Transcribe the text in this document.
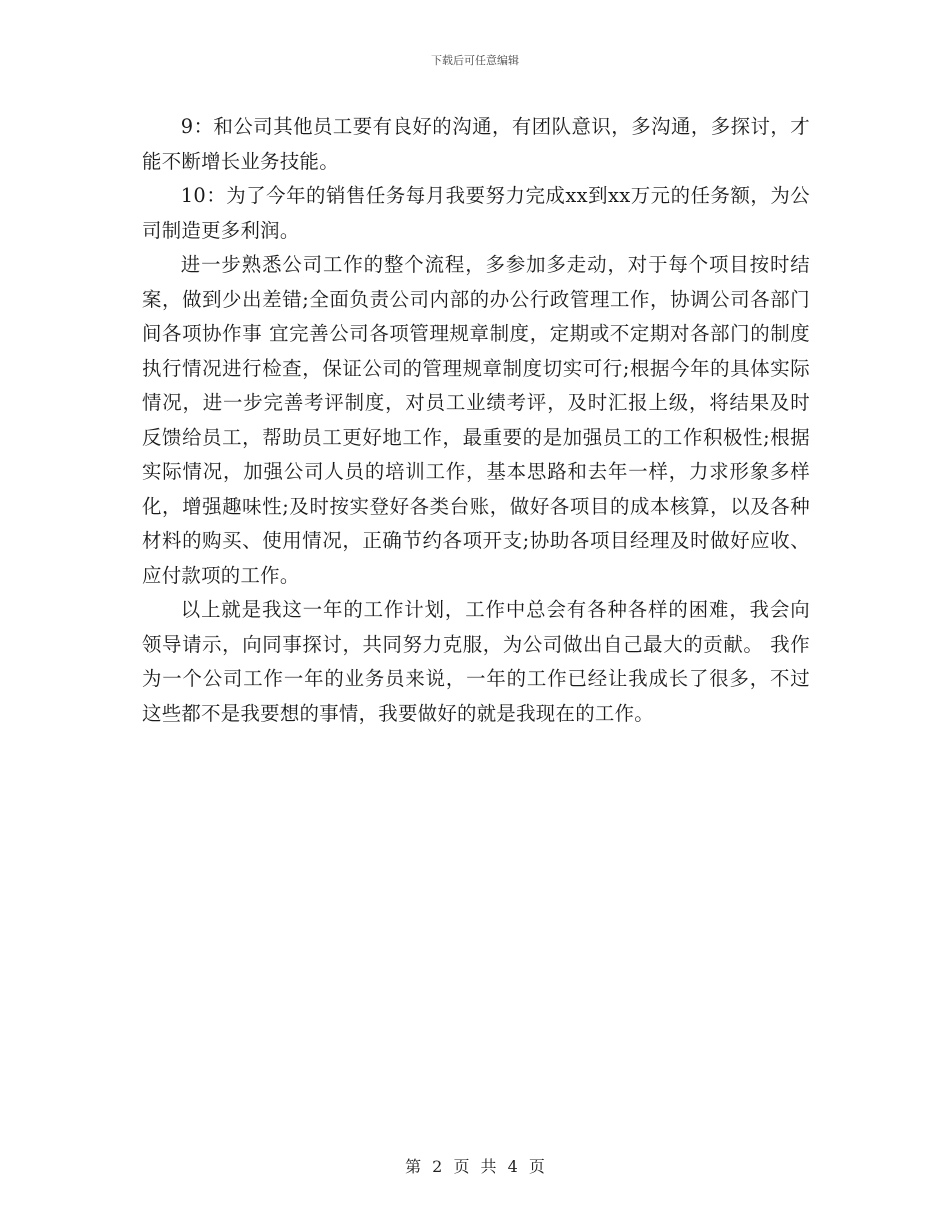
下载后可任意编辑

9：和公司其他员工要有良好的沟通，有团队意识，多沟通，多探讨，才能不断增长业务技能。

10：为了今年的销售任务每月我要努力完成xx到xx万元的任务额，为公司制造更多利润。

进一步熟悉公司工作的整个流程，多参加多走动，对于每个项目按时结案，做到少出差错;全面负责公司内部的办公行政管理工作，协调公司各部门间各项协作事 宜完善公司各项管理规章制度，定期或不定期对各部门的制度执行情况进行检查，保证公司的管理规章制度切实可行;根据今年的具体实际情况，进一步完善考评制度，对员工业绩考评，及时汇报上级，将结果及时反馈给员工，帮助员工更好地工作，最重要的是加强员工的工作积极性;根据实际情况，加强公司人员的培训工作，基本思路和去年一样，力求形象多样化，增强趣味性;及时按实登好各类台账，做好各项目的成本核算，以及各种材料的购买、使用情况，正确节约各项开支;协助各项目经理及时做好应收、应付款项的工作。

以上就是我这一年的工作计划，工作中总会有各种各样的困难，我会向领导请示，向同事探讨，共同努力克服，为公司做出自己最大的贡献。 我作为一个公司工作一年的业务员来说，一年的工作已经让我成长了很多，不过这些都不是我要想的事情，我要做好的就是我现在的工作。

第 2 页 共 4 页
